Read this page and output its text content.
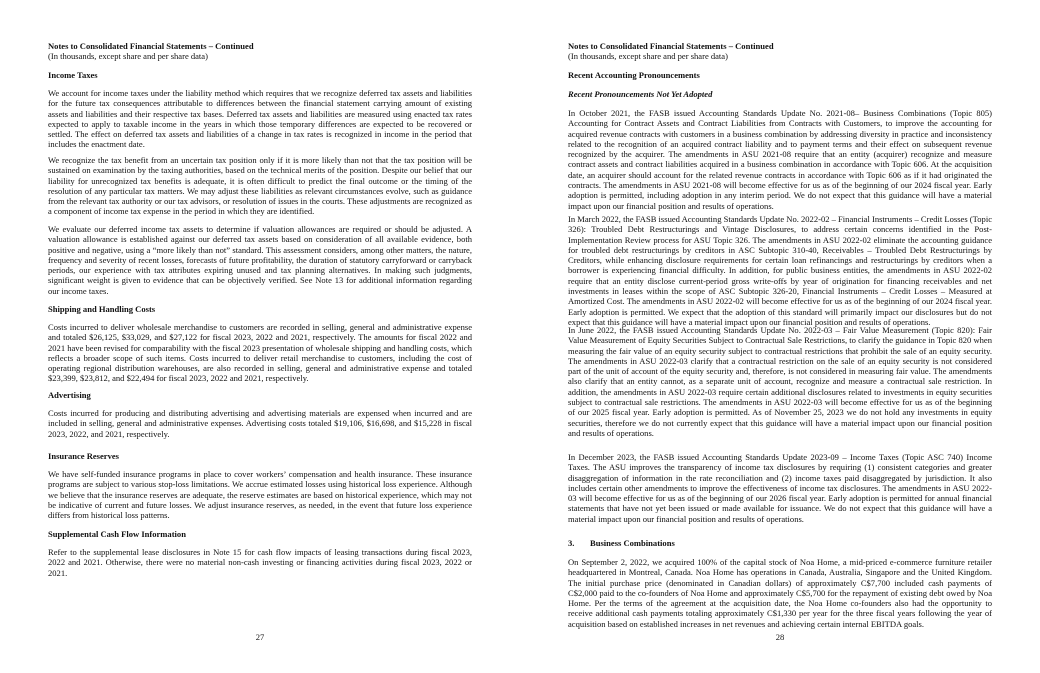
Notes to Consolidated Financial Statements – Continued

(In thousands, except share and per share data)

Income Taxes

We account for income taxes under the liability method which requires that we recognize deferred tax assets and liabilities for the future tax consequences attributable to differences between the financial statement carrying amount of existing assets and liabilities and their respective tax bases. Deferred tax assets and liabilities are measured using enacted tax rates expected to apply to taxable income in the years in which those temporary differences are expected to be recovered or settled. The effect on deferred tax assets and liabilities of a change in tax rates is recognized in income in the period that includes the enactment date.

We recognize the tax benefit from an uncertain tax position only if it is more likely than not that the tax position will be sustained on examination by the taxing authorities, based on the technical merits of the position. Despite our belief that our liability for unrecognized tax benefits is adequate, it is often difficult to predict the final outcome or the timing of the resolution of any particular tax matters. We may adjust these liabilities as relevant circumstances evolve, such as guidance from the relevant tax authority or our tax advisors, or resolution of issues in the courts. These adjustments are recognized as a component of income tax expense in the period in which they are identified.

We evaluate our deferred income tax assets to determine if valuation allowances are required or should be adjusted. A valuation allowance is established against our deferred tax assets based on consideration of all available evidence, both positive and negative, using a “more likely than not” standard. This assessment considers, among other matters, the nature, frequency and severity of recent losses, forecasts of future profitability, the duration of statutory carryforward or carryback periods, our experience with tax attributes expiring unused and tax planning alternatives. In making such judgments, significant weight is given to evidence that can be objectively verified. See Note 13 for additional information regarding our income taxes.

Shipping and Handling Costs

Costs incurred to deliver wholesale merchandise to customers are recorded in selling, general and administrative expense and totaled $26,125, $33,029, and $27,122 for fiscal 2023, 2022 and 2021, respectively. The amounts for fiscal 2022 and 2021 have been revised for comparability with the fiscal 2023 presentation of wholesale shipping and handling costs, which reflects a broader scope of such items. Costs incurred to deliver retail merchandise to customers, including the cost of operating regional distribution warehouses, are also recorded in selling, general and administrative expense and totaled $23,399, $23,812, and $22,494 for fiscal 2023, 2022 and 2021, respectively.

Advertising

Costs incurred for producing and distributing advertising and advertising materials are expensed when incurred and are included in selling, general and administrative expenses. Advertising costs totaled $19,106, $16,698, and $15,228 in fiscal 2023, 2022, and 2021, respectively.

Insurance Reserves

We have self-funded insurance programs in place to cover workers’ compensation and health insurance. These insurance programs are subject to various stop-loss limitations. We accrue estimated losses using historical loss experience. Although we believe that the insurance reserves are adequate, the reserve estimates are based on historical experience, which may not be indicative of current and future losses. We adjust insurance reserves, as needed, in the event that future loss experience differs from historical loss patterns.

Supplemental Cash Flow Information

Refer to the supplemental lease disclosures in Note 15 for cash flow impacts of leasing transactions during fiscal 2023, 2022 and 2021. Otherwise, there were no material non-cash investing or financing activities during fiscal 2023, 2022 or 2021.

27

Notes to Consolidated Financial Statements – Continued

(In thousands, except share and per share data)

Recent Accounting Pronouncements

Recent Pronouncements Not Yet Adopted

In October 2021, the FASB issued Accounting Standards Update No. 2021-08– Business Combinations (Topic 805) Accounting for Contract Assets and Contract Liabilities from Contracts with Customers, to improve the accounting for acquired revenue contracts with customers in a business combination by addressing diversity in practice and inconsistency related to the recognition of an acquired contract liability and to payment terms and their effect on subsequent revenue recognized by the acquirer. The amendments in ASU 2021-08 require that an entity (acquirer) recognize and measure contract assets and contract liabilities acquired in a business combination in accordance with Topic 606. At the acquisition date, an acquirer should account for the related revenue contracts in accordance with Topic 606 as if it had originated the contracts. The amendments in ASU 2021-08 will become effective for us as of the beginning of our 2024 fiscal year. Early adoption is permitted, including adoption in any interim period. We do not expect that this guidance will have a material impact upon our financial position and results of operations.

In March 2022, the FASB issued Accounting Standards Update No. 2022-02 – Financial Instruments – Credit Losses (Topic 326): Troubled Debt Restructurings and Vintage Disclosures, to address certain concerns identified in the Post-Implementation Review process for ASU Topic 326. The amendments in ASU 2022-02 eliminate the accounting guidance for troubled debt restructurings by creditors in ASC Subtopic 310-40, Receivables – Troubled Debt Restructurings by Creditors, while enhancing disclosure requirements for certain loan refinancings and restructurings by creditors when a borrower is experiencing financial difficulty. In addition, for public business entities, the amendments in ASU 2022-02 require that an entity disclose current-period gross write-offs by year of origination for financing receivables and net investments in leases within the scope of ASC Subtopic 326-20, Financial Instruments – Credit Losses – Measured at Amortized Cost. The amendments in ASU 2022-02 will become effective for us as of the beginning of our 2024 fiscal year. Early adoption is permitted. We expect that the adoption of this standard will primarily impact our disclosures but do not expect that this guidance will have a material impact upon our financial position and results of operations.

In June 2022, the FASB issued Accounting Standards Update No. 2022-03 – Fair Value Measurement (Topic 820): Fair Value Measurement of Equity Securities Subject to Contractual Sale Restrictions, to clarify the guidance in Topic 820 when measuring the fair value of an equity security subject to contractual restrictions that prohibit the sale of an equity security. The amendments in ASU 2022-03 clarify that a contractual restriction on the sale of an equity security is not considered part of the unit of account of the equity security and, therefore, is not considered in measuring fair value. The amendments also clarify that an entity cannot, as a separate unit of account, recognize and measure a contractual sale restriction. In addition, the amendments in ASU 2022-03 require certain additional disclosures related to investments in equity securities subject to contractual sale restrictions. The amendments in ASU 2022-03 will become effective for us as of the beginning of our 2025 fiscal year. Early adoption is permitted. As of November 25, 2023 we do not hold any investments in equity securities, therefore we do not currently expect that this guidance will have a material impact upon our financial position and results of operations.

In December 2023, the FASB issued Accounting Standards Update 2023-09 – Income Taxes (Topic ASC 740) Income Taxes. The ASU improves the transparency of income tax disclosures by requiring (1) consistent categories and greater disaggregation of information in the rate reconciliation and (2) income taxes paid disaggregated by jurisdiction. It also includes certain other amendments to improve the effectiveness of income tax disclosures. The amendments in ASU 2022-03 will become effective for us as of the beginning of our 2026 fiscal year. Early adoption is permitted for annual financial statements that have not yet been issued or made available for issuance. We do not expect that this guidance will have a material impact upon our financial position and results of operations.

3. Business Combinations

On September 2, 2022, we acquired 100% of the capital stock of Noa Home, a mid-priced e-commerce furniture retailer headquartered in Montreal, Canada. Noa Home has operations in Canada, Australia, Singapore and the United Kingdom. The initial purchase price (denominated in Canadian dollars) of approximately C$7,700 included cash payments of C$2,000 paid to the co-founders of Noa Home and approximately C$5,700 for the repayment of existing debt owed by Noa Home. Per the terms of the agreement at the acquisition date, the Noa Home co-founders also had the opportunity to receive additional cash payments totaling approximately C$1,330 per year for the three fiscal years following the year of acquisition based on established increases in net revenues and achieving certain internal EBITDA goals.

28
